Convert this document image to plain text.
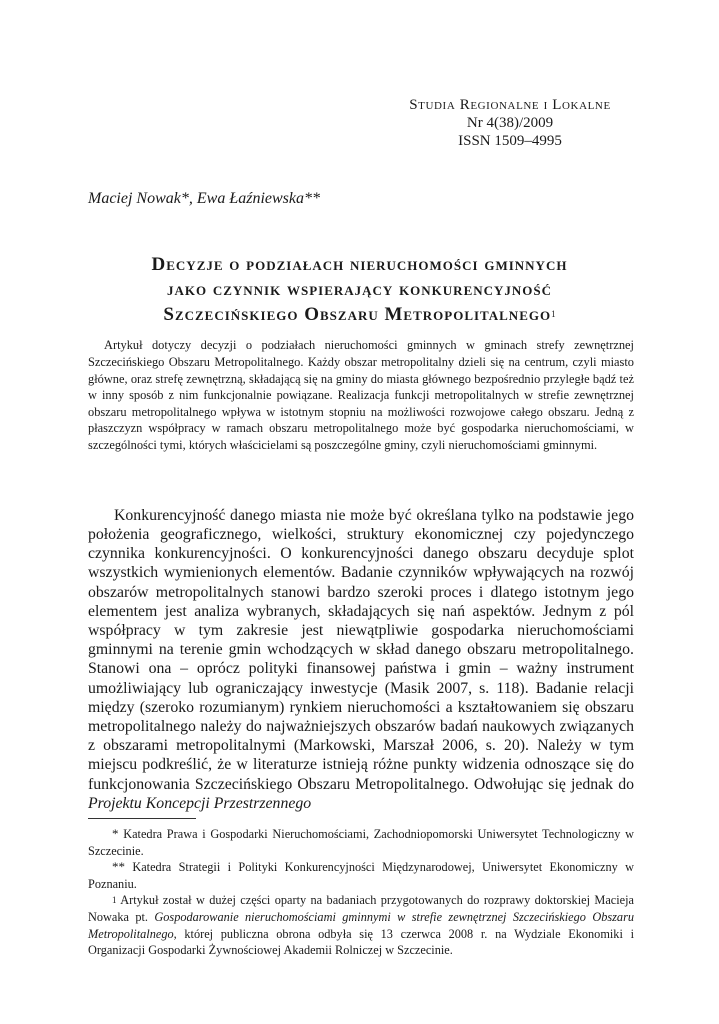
Studia Regionalne i Lokalne
Nr 4(38)/2009
ISSN 1509–4995
Maciej Nowak*, Ewa Łaźniewska**
Decyzje o podziałach nieruchomości gminnych
jako czynnik wspierający konkurencyjność
Szczecińskiego Obszaru Metropolitalnego$^1$

Artykuł dotyczy decyzji o podziałach nieruchomości gminnych w gminach strefy zewnętrznej Szczecińskiego Obszaru Metropolitalnego. Każdy obszar metropolitalny dzieli się na centrum, czyli miasto główne, oraz strefę zewnętrzną, składającą się na gminy do miasta głównego bezpośrednio przyległe bądź też w inny sposób z nim funkcjonalnie powiązane. Realizacja funkcji metropolitalnych w strefie zewnętrznej obszaru metropolitalnego wpływa w istotnym stopniu na możliwości rozwojowe całego obszaru. Jedną z płaszczyzn współpracy w ramach obszaru metropolitalnego może być gospodarka nieruchomościami, w szczególności tymi, których właścicielami są poszczególne gminy, czyli nieruchomościami gminnymi.

Konkurencyjność danego miasta nie może być określana tylko na podstawie jego położenia geograficznego, wielkości, struktury ekonomicznej czy pojedynczego czynnika konkurencyjności. O konkurencyjności danego obszaru decyduje splot wszystkich wymienionych elementów. Badanie czynników wpływających na rozwój obszarów metropolitalnych stanowi bardzo szeroki proces i dlatego istotnym jego elementem jest analiza wybranych, składających się nań aspektów. Jednym z pól współpracy w tym zakresie jest niewątpliwie gospodarka nieruchomościami gminnymi na terenie gmin wchodzących w skład danego obszaru metropolitalnego. Stanowi ona – oprócz polityki finansowej państwa i gmin – ważny instrument umożliwiający lub ograniczający inwestycje (Masik 2007, s. 118). Badanie relacji między (szeroko rozumianym) rynkiem nieruchomości a kształtowaniem się obszaru metropolitalnego należy do najważniejszych obszarów badań naukowych związanych z obszarami metropolitalnymi (Markowski, Marszał 2006, s. 20). Należy w tym miejscu podkreślić, że w literaturze istnieją różne punkty widzenia odnoszące się do funkcjonowania Szczecińskiego Obszaru Metropolitalnego. Odwołując się jednak do Projektu Koncepcji Przestrzennego

* Katedra Prawa i Gospodarki Nieruchomościami, Zachodniopomorski Uniwersytet Technologiczny w Szczecinie.

** Katedra Strategii i Polityki Konkurencyjności Międzynarodowej, Uniwersytet Ekonomiczny w Poznaniu.

$^1$ Artykuł został w dużej części oparty na badaniach przygotowanych do rozprawy doktorskiej Macieja Nowaka pt. Gospodarowanie nieruchomościami gminnymi w strefie zewnętrznej Szczecińskiego Obszaru Metropolitalnego, której publiczna obrona odbyła się 13 czerwca 2008 r. na Wydziale Ekonomiki i Organizacji Gospodarki Żywnościowej Akademii Rolniczej w Szczecinie.
